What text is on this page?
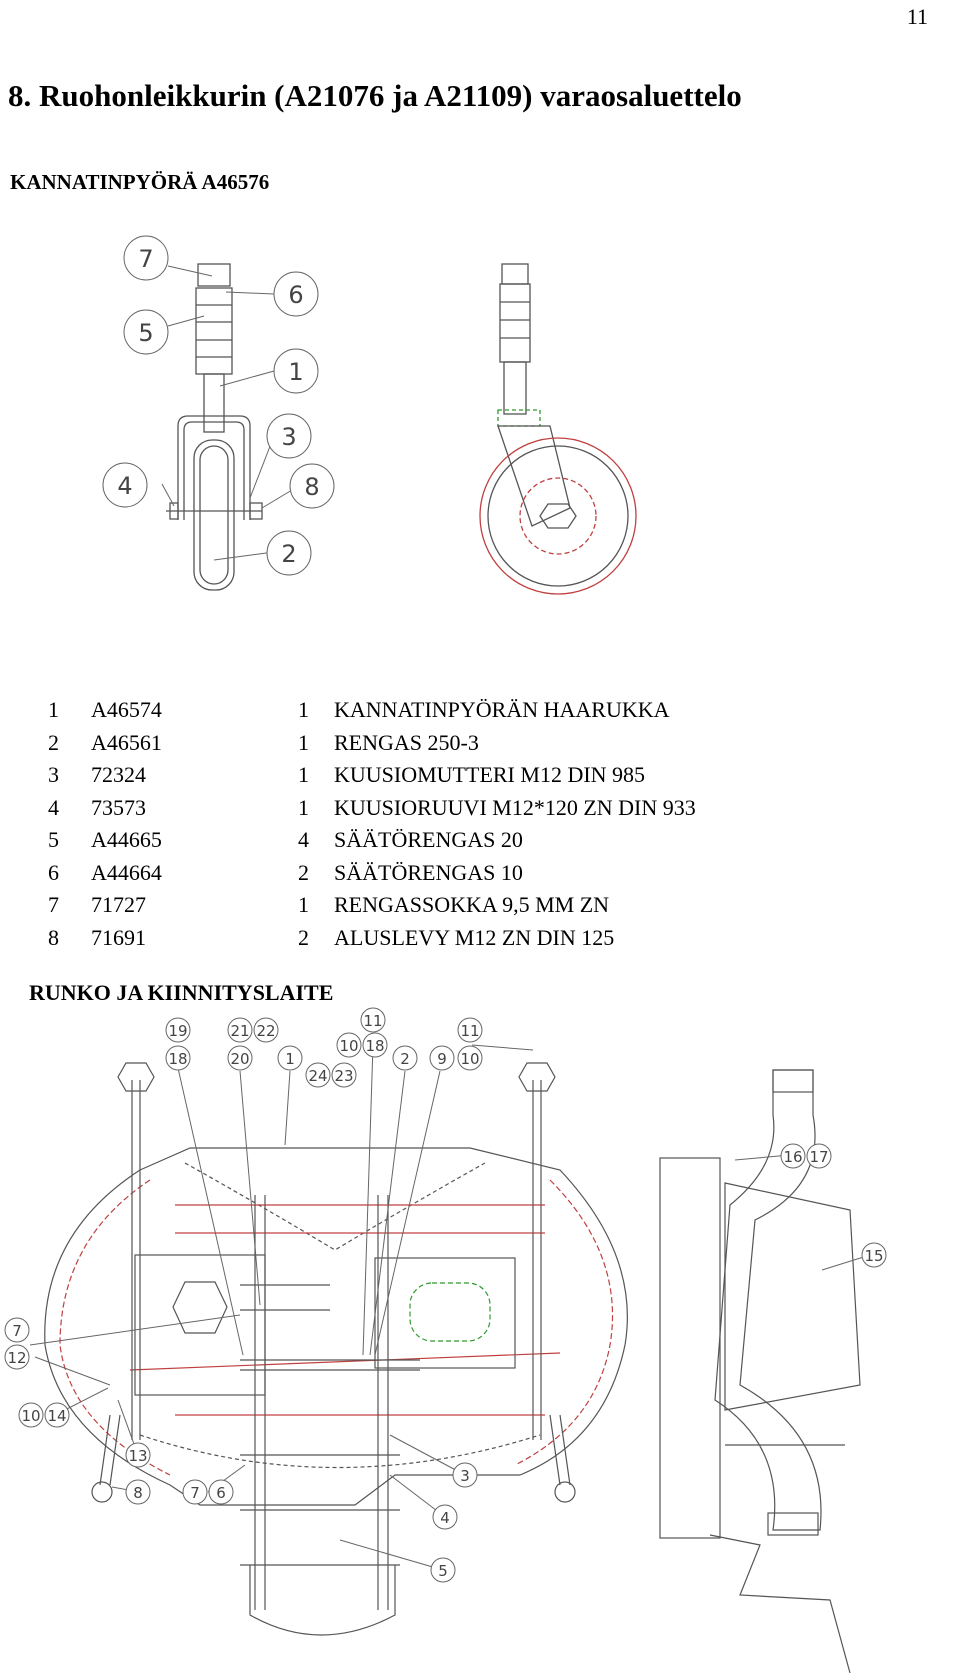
11
8. Ruohonleikkurin (A21076 ja A21109) varaosaluettelo
KANNATINPYÖRÄ A46576
7
6
5
1
3
4	8
2
1	A46574	1	KANNATINPYÖRÄN HAARUKKA
2	A46561	1	RENGAS 250-3
3	72324	1	KUUSIOMUTTERI M12 DIN 985
4	73573	1	KUUSIORUUVI M12*120 ZN DIN 933
5	A44665	4	SÄÄTÖRENGAS 20
6	A44664	2	SÄÄTÖRENGAS 10
7	71727	1	RENGASSOKKA 9,5 MM ZN
8	71691	2	ALUSLEVY M12 ZN DIN 125
RUNKO JA KIINNITYSLAITE
19
18
21 22
20 1
11
10 18
24 23
2
11
9 10
16 17
15
7
12
10 14
13
8	7 6
3
4
5
